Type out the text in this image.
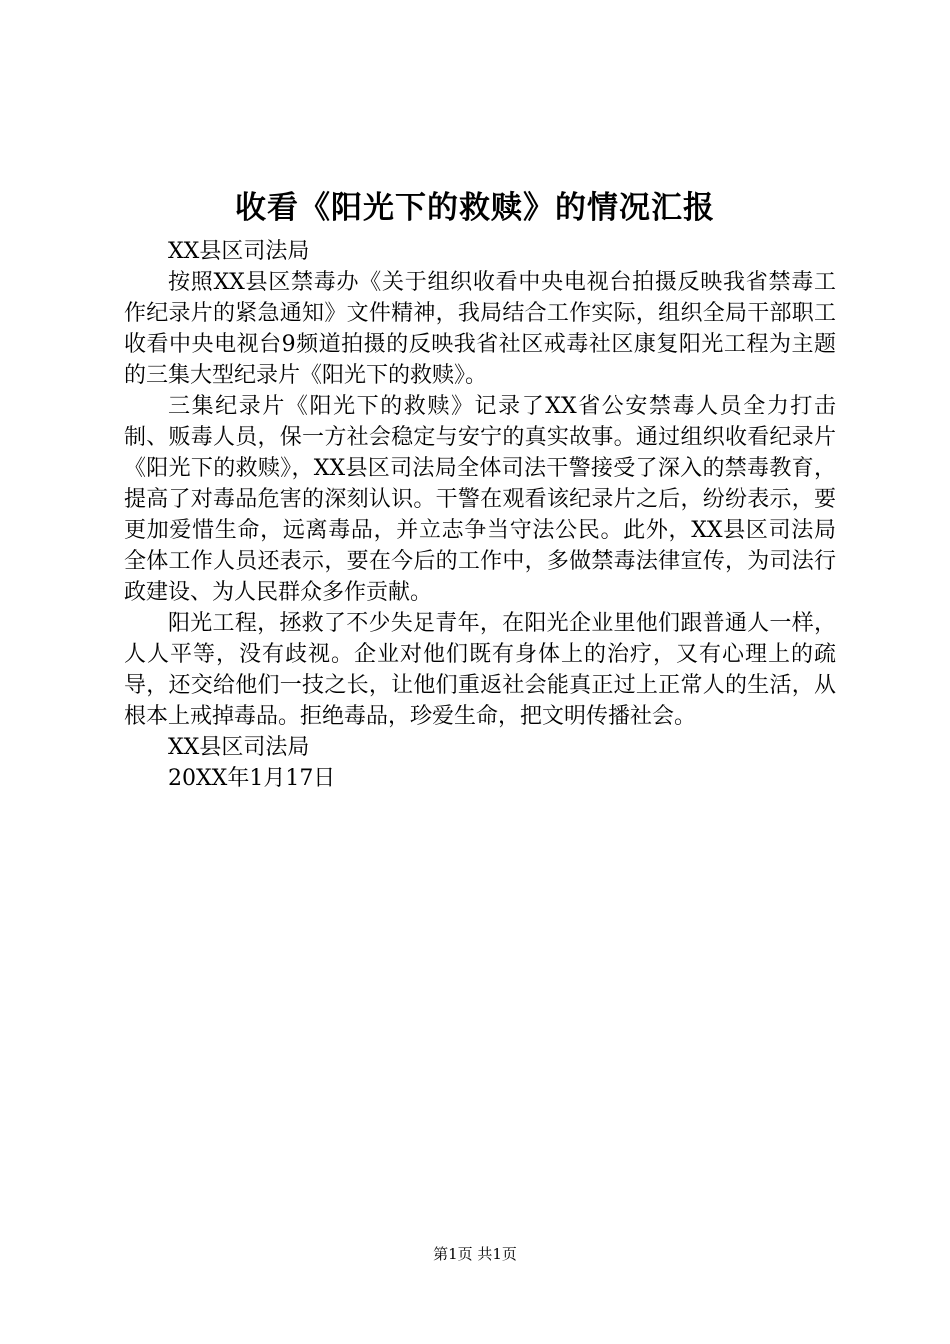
收看《阳光下的救赎》的情况汇报

XX县区司法局

按照XX县区禁毒办《关于组织收看中央电视台拍摄反映我省禁毒工作纪录片的紧急通知》文件精神，我局结合工作实际，组织全局干部职工收看中央电视台9频道拍摄的反映我省社区戒毒社区康复阳光工程为主题的三集大型纪录片《阳光下的救赎》。

三集纪录片《阳光下的救赎》记录了XX省公安禁毒人员全力打击制、贩毒人员，保一方社会稳定与安宁的真实故事。通过组织收看纪录片《阳光下的救赎》，XX县区司法局全体司法干警接受了深入的禁毒教育，提高了对毒品危害的深刻认识。干警在观看该纪录片之后，纷纷表示，要更加爱惜生命，远离毒品，并立志争当守法公民。此外，XX县区司法局全体工作人员还表示，要在今后的工作中，多做禁毒法律宣传，为司法行政建设、为人民群众多作贡献。

阳光工程，拯救了不少失足青年，在阳光企业里他们跟普通人一样，人人平等，没有歧视。企业对他们既有身体上的治疗，又有心理上的疏导，还交给他们一技之长，让他们重返社会能真正过上正常人的生活，从根本上戒掉毒品。拒绝毒品，珍爱生命，把文明传播社会。

XX县区司法局

20XX年1月17日

第1页 共1页
